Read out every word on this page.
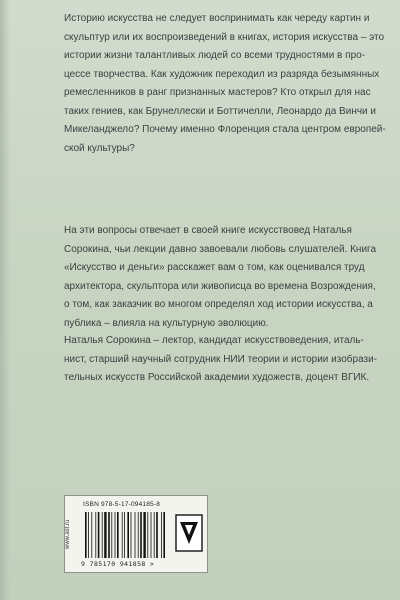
Историю искусства не следует воспринимать как череду картин и
скульптур или их воспроизведений в книгах, история искусства – это
истории жизни талантливых людей со всеми трудностями в про-
цессе творчества. Как художник переходил из разряда безымянных
ремесленников в ранг признанных мастеров? Кто открыл для нас
таких гениев, как Брунеллески и Боттичелли, Леонардо да Винчи и
Микеланджело? Почему именно Флоренция стала центром европей-
ской культуры?

На эти вопросы отвечает в своей книге искусствовед Наталья
Сорокина, чьи лекции давно завоевали любовь слушателей. Книга
«Искусство и деньги» расскажет вам о том, как оценивался труд
архитектора, скульптора или живописца во времена Возрождения,
о том, как заказчик во многом определял ход истории искусства, а
публика – влияла на культурную эволюцию.

Наталья Сорокина – лектор, кандидат искусствоведения, италь-
нист, старший научный сотрудник НИИ теории и истории изобрази-
тельных искусств Российской академии художеств, доцент ВГИК.

www.ast.ru
ISBN 978-5-17-094185-8
9 785170 941858 >
